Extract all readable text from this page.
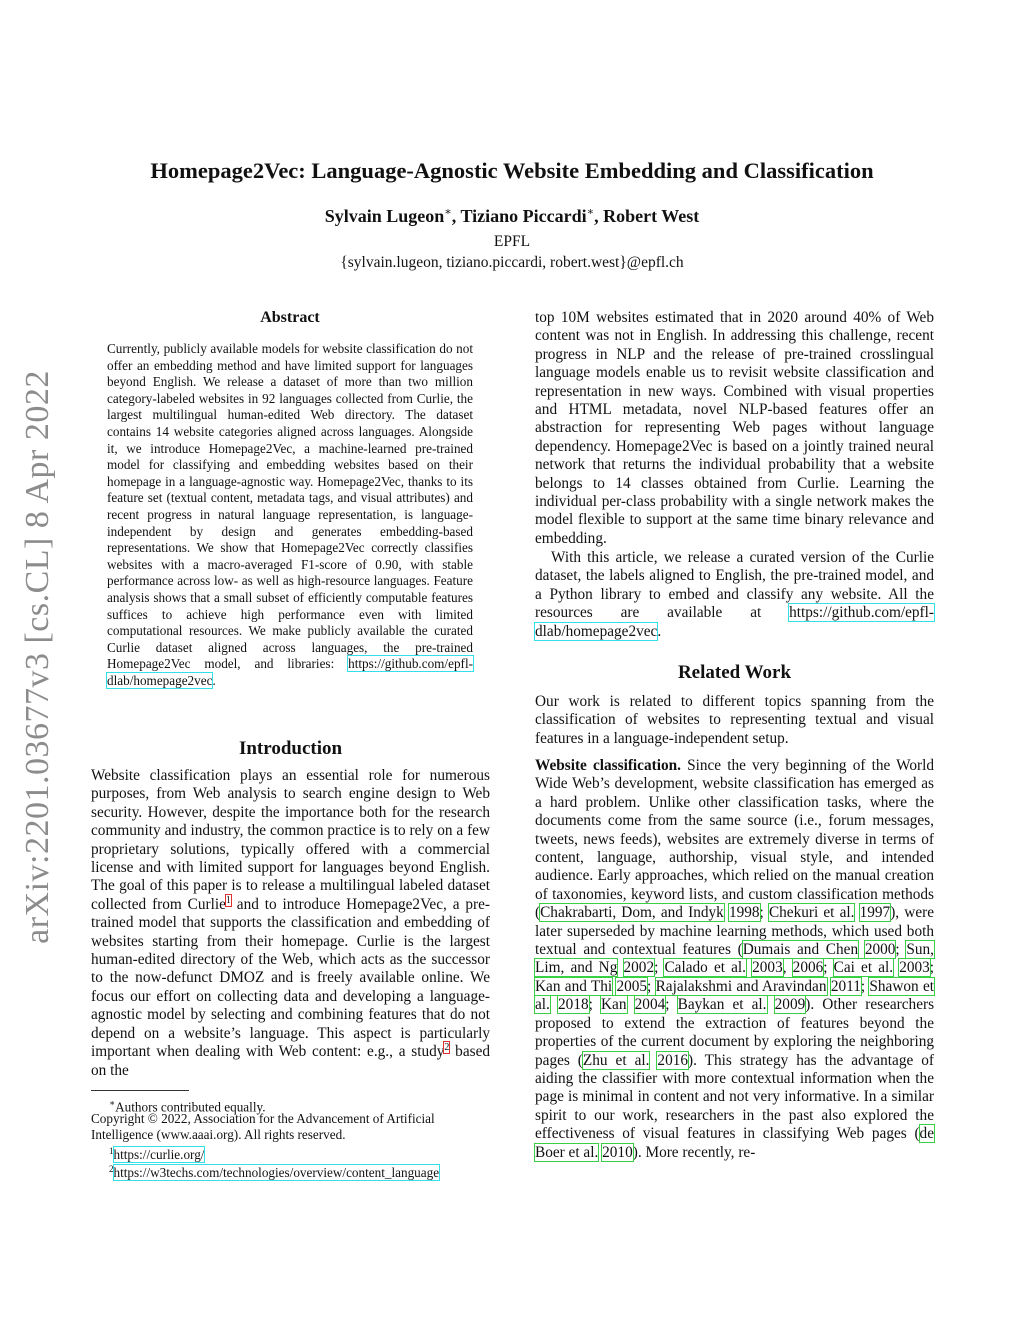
arXiv:2201.03677v3 [cs.CL] 8 Apr 2022
Homepage2Vec: Language-Agnostic Website Embedding and Classification
Sylvain Lugeon∗, Tiziano Piccardi∗, Robert West
EPFL
{sylvain.lugeon, tiziano.piccardi, robert.west}@epfl.ch
Abstract
Currently, publicly available models for website classification do not offer an embedding method and have limited support for languages beyond English. We release a dataset of more than two million category-labeled websites in 92 languages collected from Curlie, the largest multilingual human-edited Web directory. The dataset contains 14 website categories aligned across languages. Alongside it, we introduce Homepage2Vec, a machine-learned pre-trained model for classifying and embedding websites based on their homepage in a language-agnostic way. Homepage2Vec, thanks to its feature set (textual content, metadata tags, and visual attributes) and recent progress in natural language representation, is language-independent by design and generates embedding-based representations. We show that Homepage2Vec correctly classifies websites with a macro-averaged F1-score of 0.90, with stable performance across low- as well as high-resource languages. Feature analysis shows that a small subset of efficiently computable features suffices to achieve high performance even with limited computational resources. We make publicly available the curated Curlie dataset aligned across languages, the pre-trained Homepage2Vec model, and libraries: https://github.com/epfl-dlab/homepage2vec.
Introduction
Website classification plays an essential role for numerous purposes, from Web analysis to search engine design to Web security. However, despite the importance both for the research community and industry, the common practice is to rely on a few proprietary solutions, typically offered with a commercial license and with limited support for languages beyond English. The goal of this paper is to release a multilingual labeled dataset collected from Curlie$^1$ and to introduce Homepage2Vec, a pre-trained model that supports the classification and embedding of websites starting from their homepage. Curlie is the largest human-edited directory of the Web, which acts as the successor to the now-defunct DMOZ and is freely available online. We focus our effort on collecting data and developing a language-agnostic model by selecting and combining features that do not depend on a website’s language. This aspect is particularly important when dealing with Web content: e.g., a study$^2$ based on the
∗Authors contributed equally.
Copyright © 2022, Association for the Advancement of Artificial Intelligence (www.aaai.org). All rights reserved.
$^1$https://curlie.org/
$^2$https://w3techs.com/technologies/overview/content_language
top 10M websites estimated that in 2020 around 40% of Web content was not in English. In addressing this challenge, recent progress in NLP and the release of pre-trained crosslingual language models enable us to revisit website classification and representation in new ways. Combined with visual properties and HTML metadata, novel NLP-based features offer an abstraction for representing Web pages without language dependency. Homepage2Vec is based on a jointly trained neural network that returns the individual probability that a website belongs to 14 classes obtained from Curlie. Learning the individual per-class probability with a single network makes the model flexible to support at the same time binary relevance and embedding.
With this article, we release a curated version of the Curlie dataset, the labels aligned to English, the pre-trained model, and a Python library to embed and classify any website. All the resources are available at https://github.com/epfl-dlab/homepage2vec.
Related Work
Our work is related to different topics spanning from the classification of websites to representing textual and visual features in a language-independent setup.
Website classification. Since the very beginning of the World Wide Web’s development, website classification has emerged as a hard problem. Unlike other classification tasks, where the documents come from the same source (i.e., forum messages, tweets, news feeds), websites are extremely diverse in terms of content, language, authorship, visual style, and intended audience. Early approaches, which relied on the manual creation of taxonomies, keyword lists, and custom classification methods (Chakrabarti, Dom, and Indyk 1998; Chekuri et al. 1997), were later superseded by machine learning methods, which used both textual and contextual features (Dumais and Chen 2000; Sun, Lim, and Ng 2002; Calado et al. 2003, 2006; Cai et al. 2003; Kan and Thi 2005; Rajalakshmi and Aravindan 2011; Shawon et al. 2018; Kan 2004; Baykan et al. 2009). Other researchers proposed to extend the extraction of features beyond the properties of the current document by exploring the neighboring pages (Zhu et al. 2016). This strategy has the advantage of aiding the classifier with more contextual information when the page is minimal in content and not very informative. In a similar spirit to our work, researchers in the past also explored the effectiveness of visual features in classifying Web pages (de Boer et al. 2010). More recently, re-
